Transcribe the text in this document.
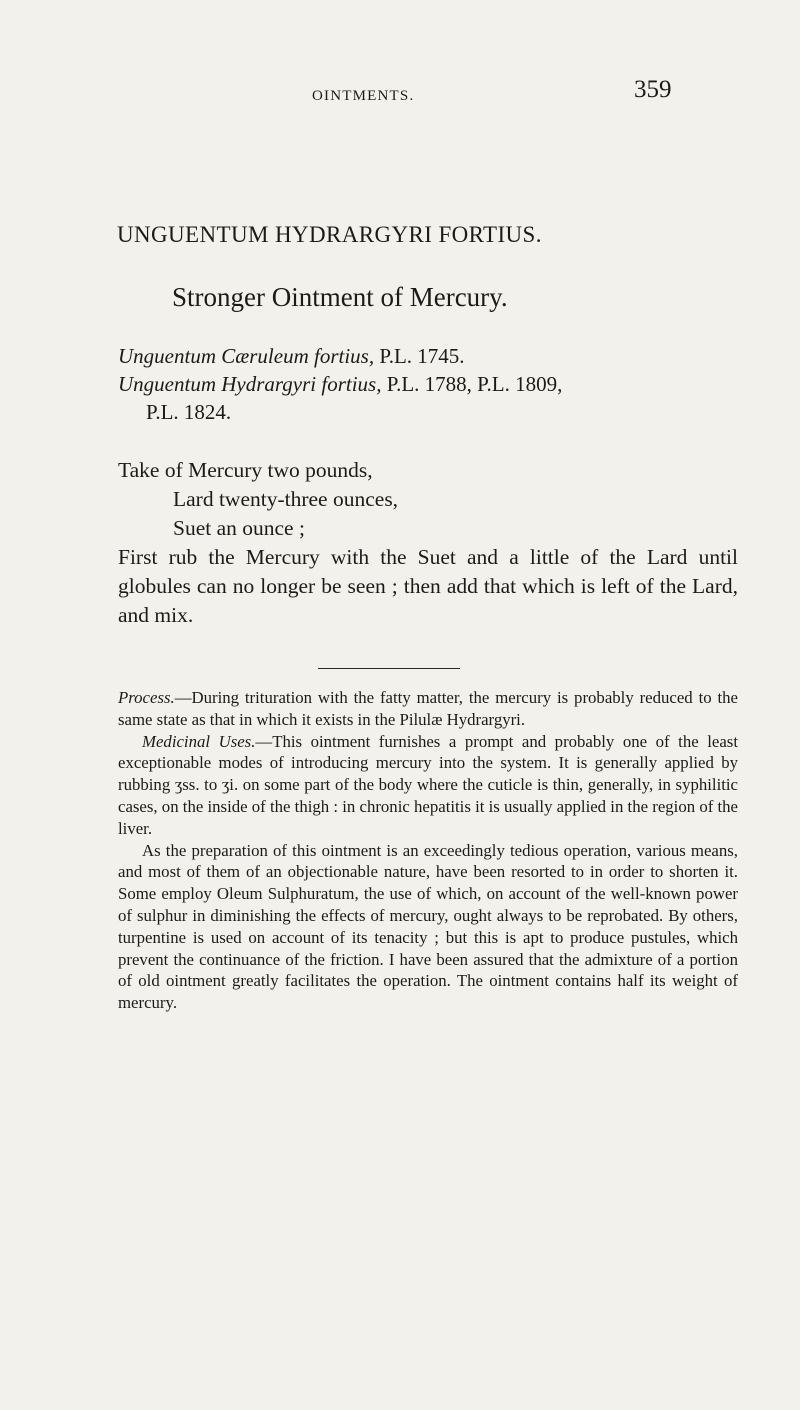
OINTMENTS.	359
UNGUENTUM HYDRARGYRI FORTIUS.
Stronger Ointment of Mercury.
Unguentum Cæruleum fortius, P.L. 1745.
Unguentum Hydrargyri fortius, P.L. 1788, P.L. 1809,
P.L. 1824.
Take of Mercury two pounds,
Lard twenty-three ounces,
Suet an ounce ;
First rub the Mercury with the Suet and a little of the Lard until globules can no longer be seen ; then add that which is left of the Lard, and mix.

Process.—During trituration with the fatty matter, the mercury is probably reduced to the same state as that in which it exists in the Pilulæ Hydrargyri.

Medicinal Uses.—This ointment furnishes a prompt and probably one of the least exceptionable modes of introducing mercury into the system. It is generally applied by rubbing ʒss. to ʒi. on some part of the body where the cuticle is thin, generally, in syphilitic cases, on the inside of the thigh : in chronic hepatitis it is usually applied in the region of the liver.

As the preparation of this ointment is an exceedingly tedious operation, various means, and most of them of an objectionable nature, have been resorted to in order to shorten it. Some employ Oleum Sulphuratum, the use of which, on account of the well-known power of sulphur in diminishing the effects of mercury, ought always to be reprobated. By others, turpentine is used on account of its tenacity ; but this is apt to produce pustules, which prevent the continuance of the friction. I have been assured that the admixture of a portion of old ointment greatly facilitates the operation. The ointment contains half its weight of mercury.
